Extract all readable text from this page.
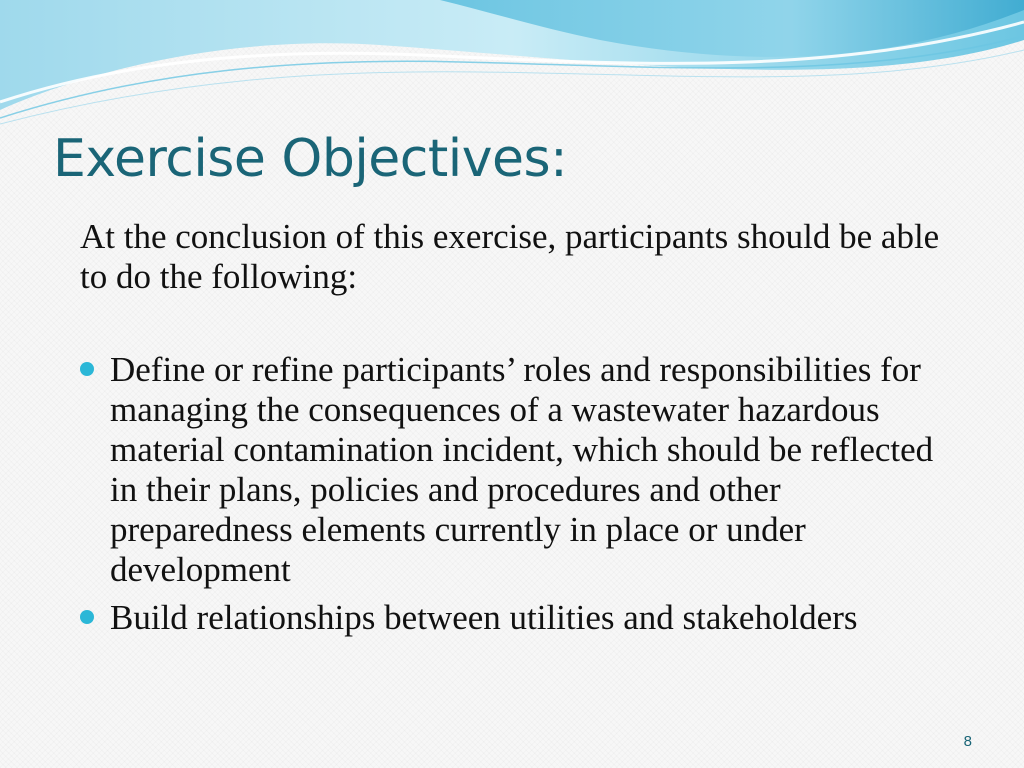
Exercise Objectives:

At the conclusion of this exercise, participants should be able to do the following:

Define or refine participants’ roles and responsibilities for managing the consequences of a wastewater hazardous material contamination incident, which should be reflected in their plans, policies and procedures and other preparedness elements currently in place or under development
Build relationships between utilities and stakeholders
8
